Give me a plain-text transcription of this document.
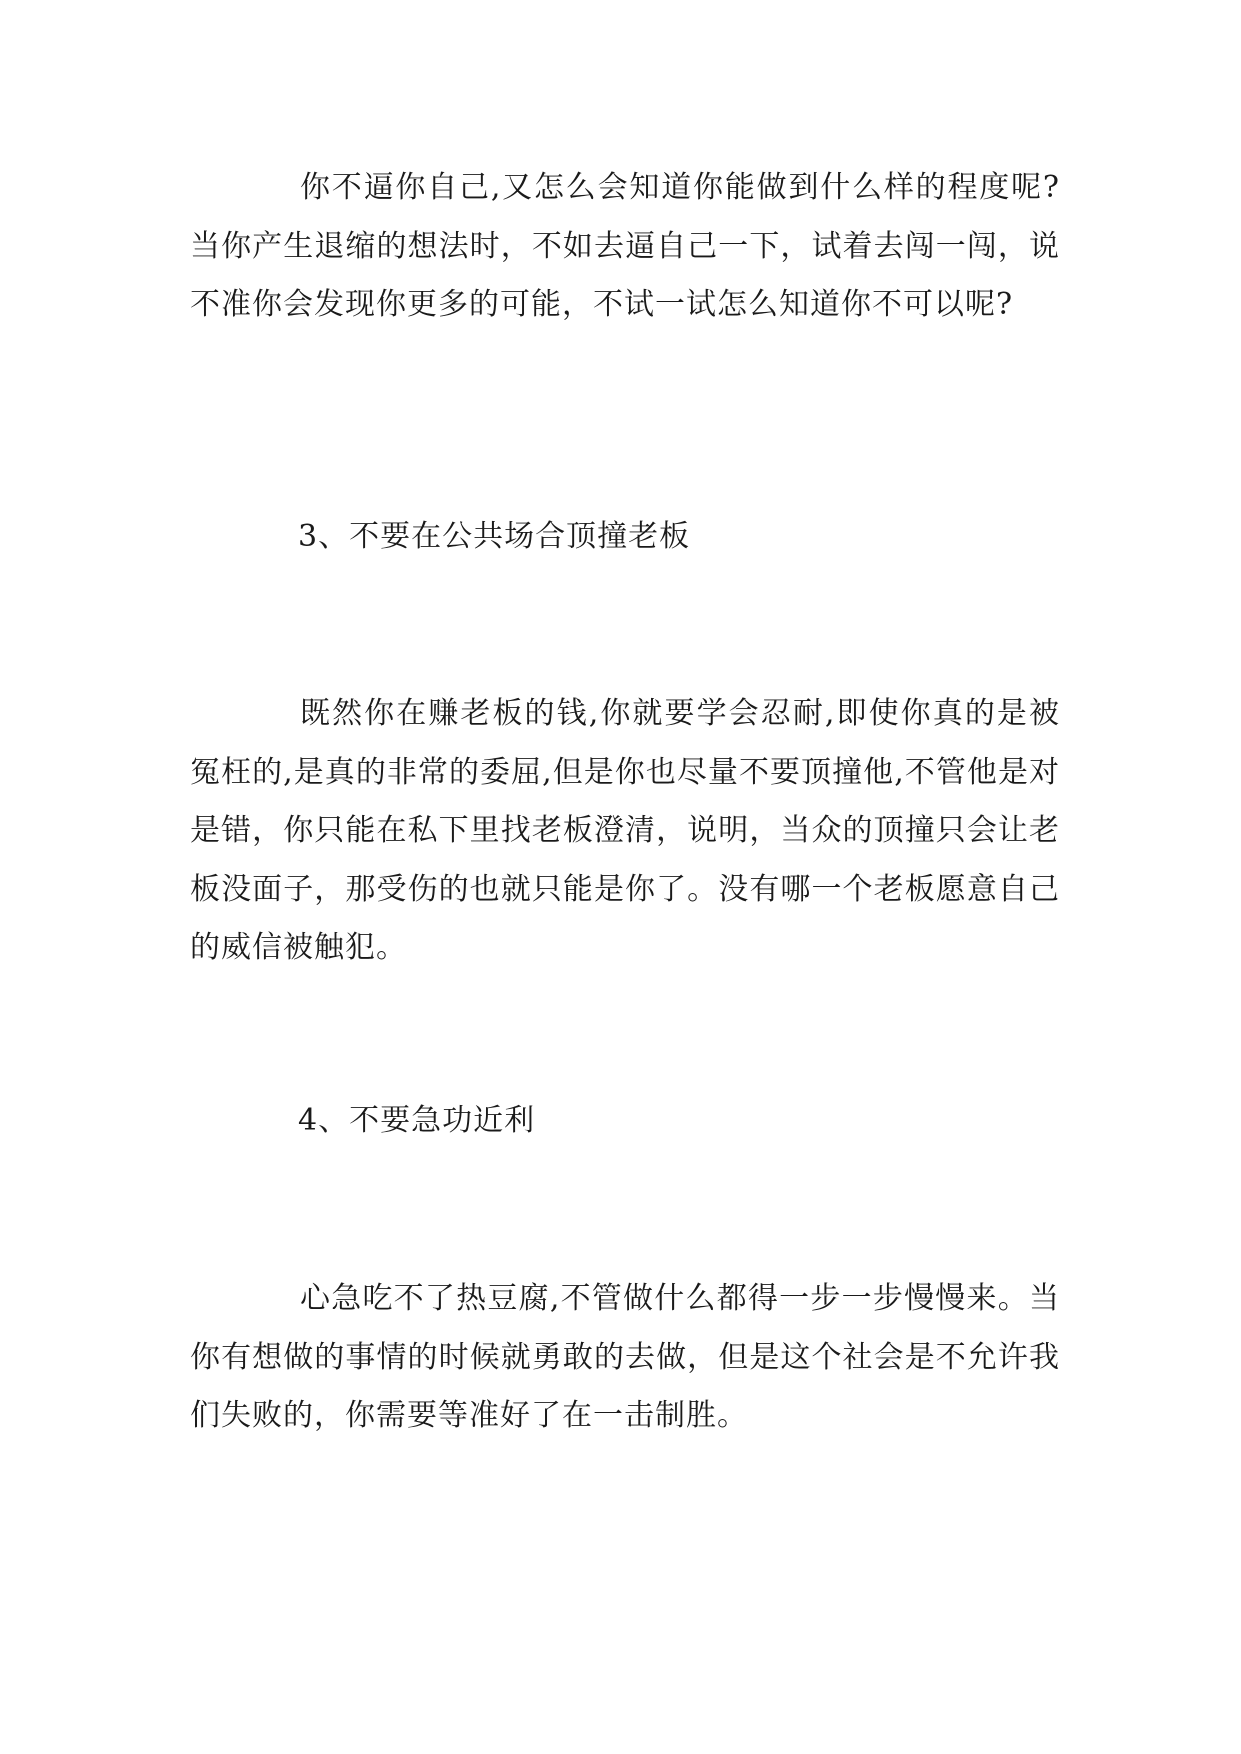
你不逼你自己,又怎么会知道你能做到什么样的程度呢?当你产生退缩的想法时，不如去逼自己一下，试着去闯一闯，说不准你会发现你更多的可能，不试一试怎么知道你不可以呢?

3、不要在公共场合顶撞老板

既然你在赚老板的钱,你就要学会忍耐,即使你真的是被冤枉的,是真的非常的委屈,但是你也尽量不要顶撞他,不管他是对是错，你只能在私下里找老板澄清，说明，当众的顶撞只会让老板没面子，那受伤的也就只能是你了。没有哪一个老板愿意自己的威信被触犯。

4、不要急功近利

心急吃不了热豆腐,不管做什么都得一步一步慢慢来。当你有想做的事情的时候就勇敢的去做，但是这个社会是不允许我们失败的，你需要等准好了在一击制胜。
